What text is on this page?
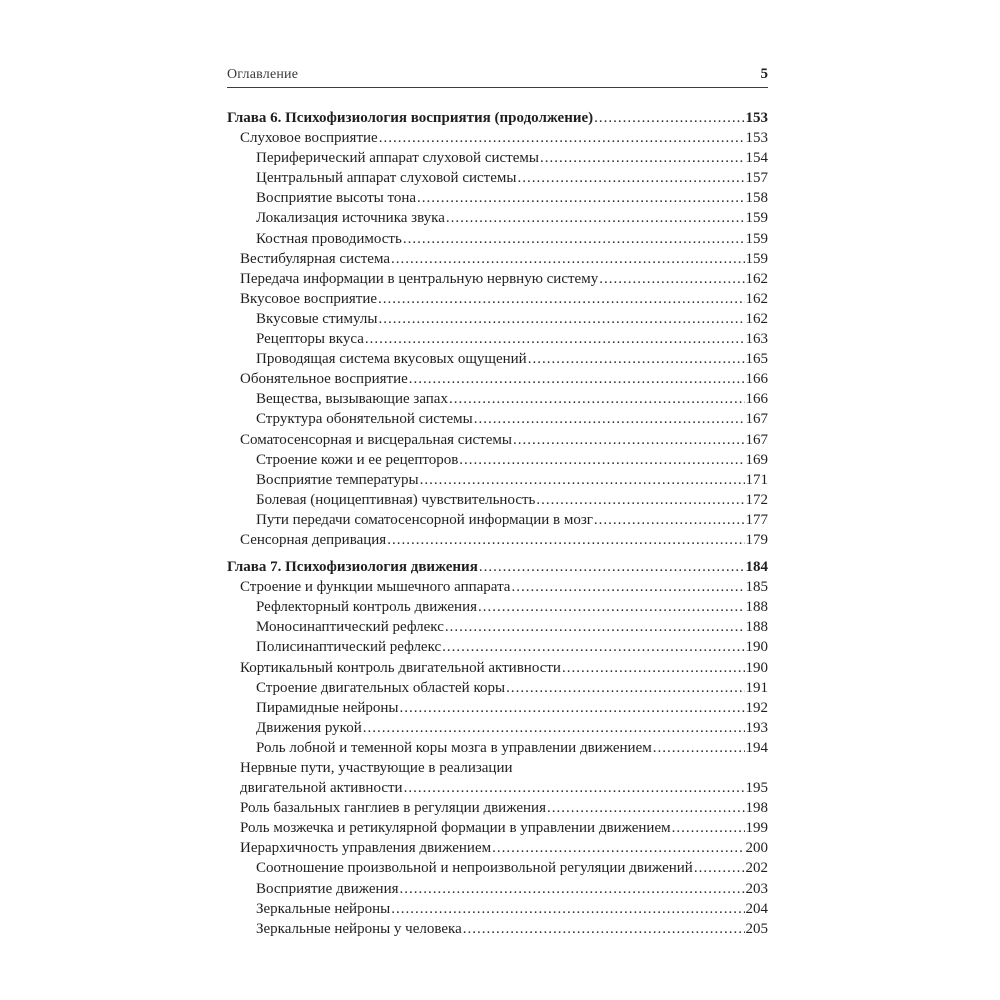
Оглавление	5
Глава 6. Психофизиология восприятия (продолжение) .....	153
Слуховое восприятие .....	153
Периферический аппарат слуховой системы .....	154
Центральный аппарат слуховой системы .....	157
Восприятие высоты тона .....	158
Локализация источника звука .....	159
Костная проводимость .....	159
Вестибулярная система .....	159
Передача информации в центральную нервную систему .....	162
Вкусовое восприятие .....	162
Вкусовые стимулы .....	162
Рецепторы вкуса .....	163
Проводящая система вкусовых ощущений .....	165
Обонятельное восприятие .....	166
Вещества, вызывающие запах .....	166
Структура обонятельной системы .....	167
Соматосенсорная и висцеральная системы .....	167
Строение кожи и ее рецепторов .....	169
Восприятие температуры .....	171
Болевая (ноцицептивная) чувствительность .....	172
Пути передачи соматосенсорной информации в мозг .....	177
Сенсорная депривация .....	179
Глава 7. Психофизиология движения .....	184
Строение и функции мышечного аппарата .....	185
Рефлекторный контроль движения .....	188
Моносинаптический рефлекс .....	188
Полисинаптический рефлекс .....	190
Кортикальный контроль двигательной активности .....	190
Строение двигательных областей коры .....	191
Пирамидные нейроны .....	192
Движения рукой .....	193
Роль лобной и теменной коры мозга в управлении движением .....	194
Нервные пути, участвующие в реализации
двигательной активности .....	195
Роль базальных ганглиев в регуляции движения .....	198
Роль мозжечка и ретикулярной формации в управлении движением .....	199
Иерархичность управления движением .....	200
Соотношение произвольной и непроизвольной регуляции движений .....	202
Восприятие движения .....	203
Зеркальные нейроны .....	204
Зеркальные нейроны у человека .....	205
